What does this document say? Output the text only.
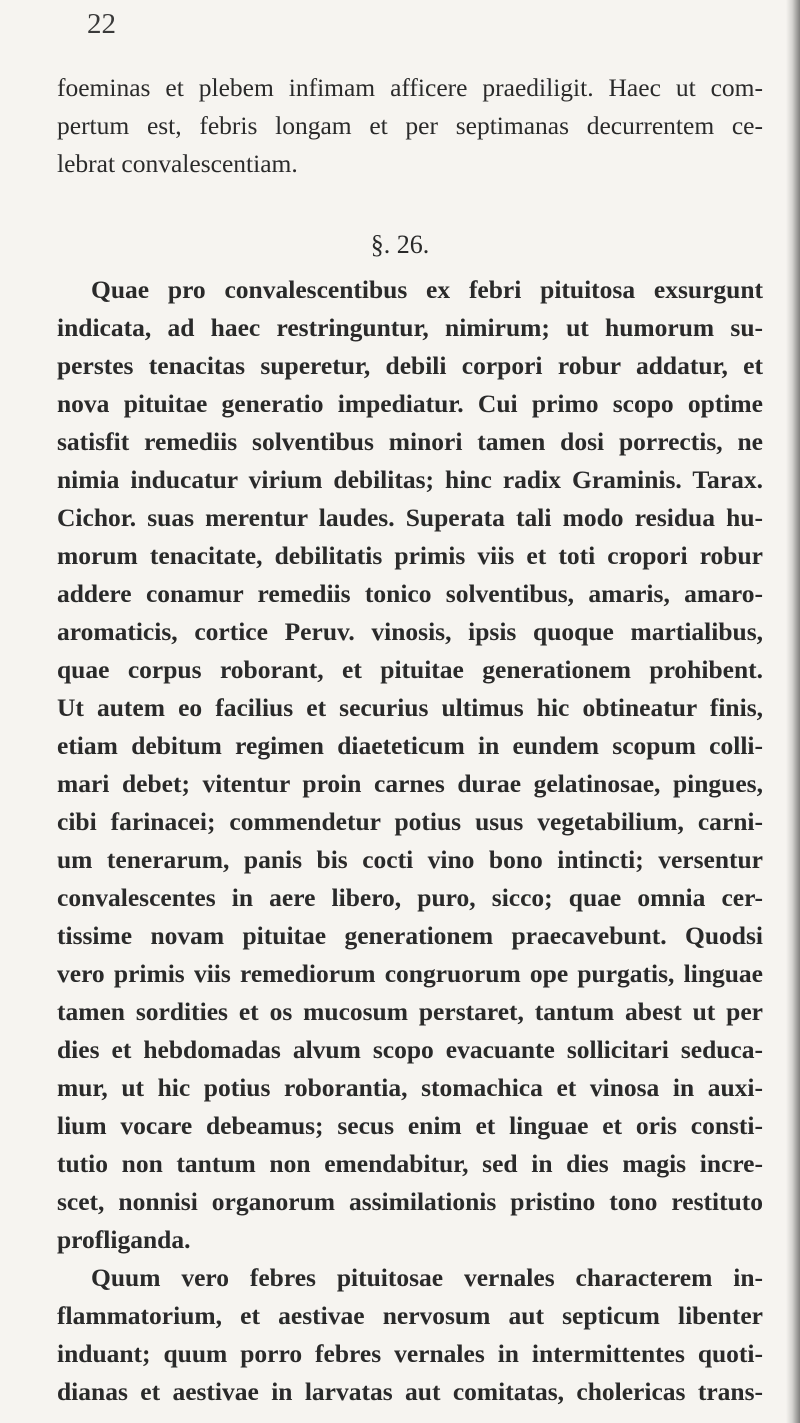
22
foeminas et plebem infimam afficere praediligit. Haec ut com-
pertum est, febris longam et per septimanas decurrentem ce-
lebrat convalescentiam.
§. 26.
Quae pro convalescentibus ex febri pituitosa exsurgunt
indicata, ad haec restringuntur, nimirum; ut humorum su-
perstes tenacitas superetur, debili corpori robur addatur, et
nova pituitae generatio impediatur. Cui primo scopo optime
satisfit remediis solventibus minori tamen dosi porrectis, ne
nimia inducatur virium debilitas; hinc radix Graminis. Tarax.
Cichor. suas merentur laudes. Superata tali modo residua hu-
morum tenacitate, debilitatis primis viis et toti cropori robur
addere conamur remediis tonico solventibus, amaris, amaro-
aromaticis, cortice Peruv. vinosis, ipsis quoque martialibus,
quae corpus roborant, et pituitae generationem prohibent.
Ut autem eo facilius et securius ultimus hic obtineatur finis,
etiam debitum regimen diaeteticum in eundem scopum colli-
mari debet; vitentur proin carnes durae gelatinosae, pingues,
cibi farinacei; commendetur potius usus vegetabilium, carni-
um tenerarum, panis bis cocti vino bono intincti; versentur
convalescentes in aere libero, puro, sicco; quae omnia cer-
tissime novam pituitae generationem praecavebunt. Quodsi
vero primis viis remediorum congruorum ope purgatis, linguae
tamen sordities et os mucosum perstaret, tantum abest ut per
dies et hebdomadas alvum scopo evacuante sollicitari seduca-
mur, ut hic potius roborantia, stomachica et vinosa in auxi-
lium vocare debeamus; secus enim et linguae et oris consti-
tutio non tantum non emendabitur, sed in dies magis incre-
scet, nonnisi organorum assimilationis pristino tono restituto
profliganda.
Quum vero febres pituitosae vernales characterem in-
flammatorium, et aestivae nervosum aut septicum libenter
induant; quum porro febres vernales in intermittentes quoti-
dianas et aestivae in larvatas aut comitatas, cholericas trans-
